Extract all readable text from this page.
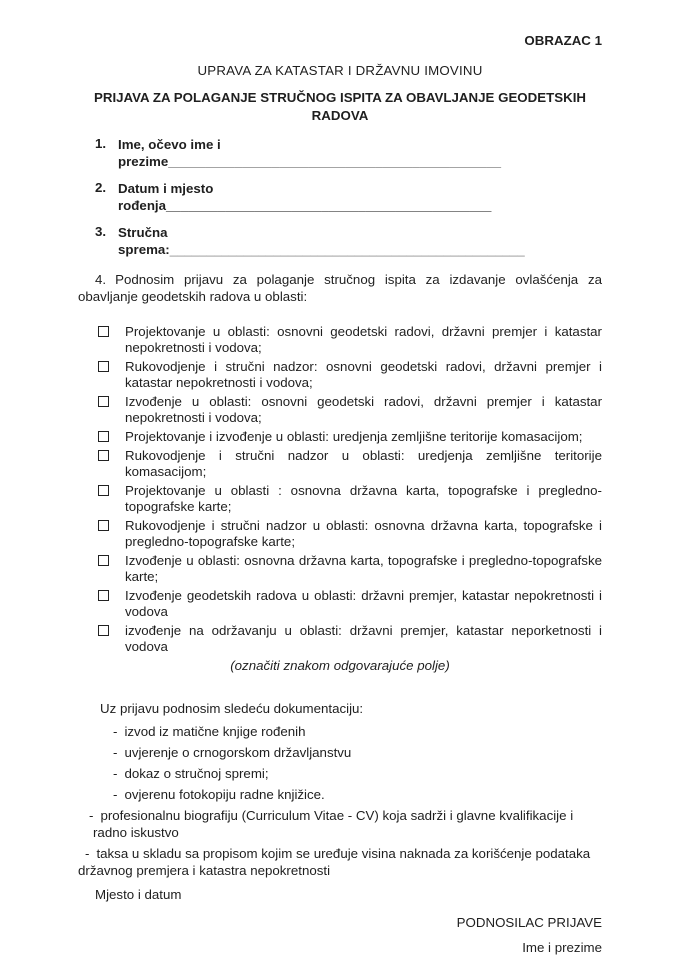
OBRAZAC 1
UPRAVA ZA KATASTAR I DRŽAVNU IMOVINU
PRIJAVA ZA POLAGANJE STRUČNOG ISPITA ZA OBAVLJANJE GEODETSKIH
RADOVA
1. Ime, očevo ime i
prezime_____________________________________________
2. Datum i mjesto
rođenja____________________________________________
3. Stručna
sprema:________________________________________________
4. Podnosim prijavu za polaganje stručnog ispita za izdavanje ovlašćenja za obavljanje geodetskih radova u oblasti:
Projektovanje u oblasti: osnovni geodetski radovi, državni premjer i katastar nepokretnosti i vodova;
Rukovodjenje i stručni nadzor: osnovni geodetski radovi, državni premjer i katastar nepokretnosti i vodova;
Izvođenje u oblasti: osnovni geodetski radovi, državni premjer i katastar nepokretnosti i vodova;
Projektovanje i izvođenje u oblasti: uredjenja zemljišne teritorije komasacijom;
Rukovodjenje i stručni nadzor u oblasti: uredjenja zemljišne teritorije komasacijom;
Projektovanje u oblasti : osnovna državna karta, topografske i pregledno-topografske karte;
Rukovodjenje i stručni nadzor u oblasti: osnovna državna karta, topografske i pregledno-topografske karte;
Izvođenje u oblasti: osnovna državna karta, topografske i pregledno-topografske karte;
Izvođenje geodetskih radova u oblasti: državni premjer, katastar nepokretnosti i vodova
izvođenje na održavanju u oblasti: državni premjer, katastar neporketnosti i vodova
(označiti znakom odgovarajuće polje)
Uz prijavu podnosim sledeću dokumentaciju:
- izvod iz matične knjige rođenih
- uvjerenje o crnogorskom državljanstvu
- dokaz o stručnoj spremi;
- ovjerenu fotokopiju radne knjižice.
- profesionalnu biografiju (Curriculum Vitae - CV) koja sadrži i glavne kvalifikacije i radno iskustvo
- taksa u skladu sa propisom kojim se uređuje visina naknada za korišćenje podataka državnog premjera i katastra nepokretnosti
Mjesto i datum
PODNOSILAC PRIJAVE
Ime i prezime
